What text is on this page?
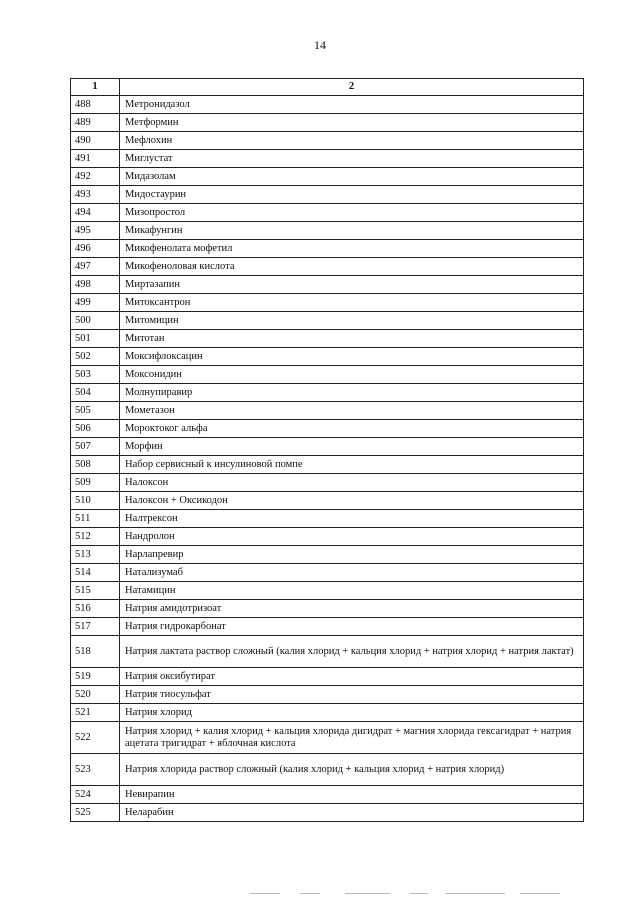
14
1	2
488	Метронидазол
489	Метформин
490	Мефлохин
491	Миглустат
492	Мидазолам
493	Мидостаурин
494	Мизопростол
495	Микафунгин
496	Микофенолата мофетил
497	Микофеноловая кислота
498	Миртазапин
499	Митоксантрон
500	Митомицин
501	Митотан
502	Моксифлоксацин
503	Моксонидин
504	Молнупиравир
505	Мометазон
506	Мороктоког альфа
507	Морфин
508	Набор сервисный к инсулиновой помпе
509	Налоксон
510	Налоксон + Оксикодон
511	Налтрексон
512	Нандролон
513	Нарлапревир
514	Натализумаб
515	Натамицин
516	Натрия амидотризоат
517	Натрия гидрокарбонат
518	Натрия лактата раствор сложный (калия хлорид + кальция хлорид + натрия хлорид + натрия лактат)
519	Натрия оксибутират
520	Натрия тиосульфат
521	Натрия хлорид
522	Натрия хлорид + калия хлорид + кальция хлорида дигидрат + магния хлорида гексагидрат + натрия ацетата тригидрат + яблочная кислота
523	Натрия хлорида раствор сложный (калия хлорид + кальция хлорид + натрия хлорид)
524	Невирапин
525	Неларабин
